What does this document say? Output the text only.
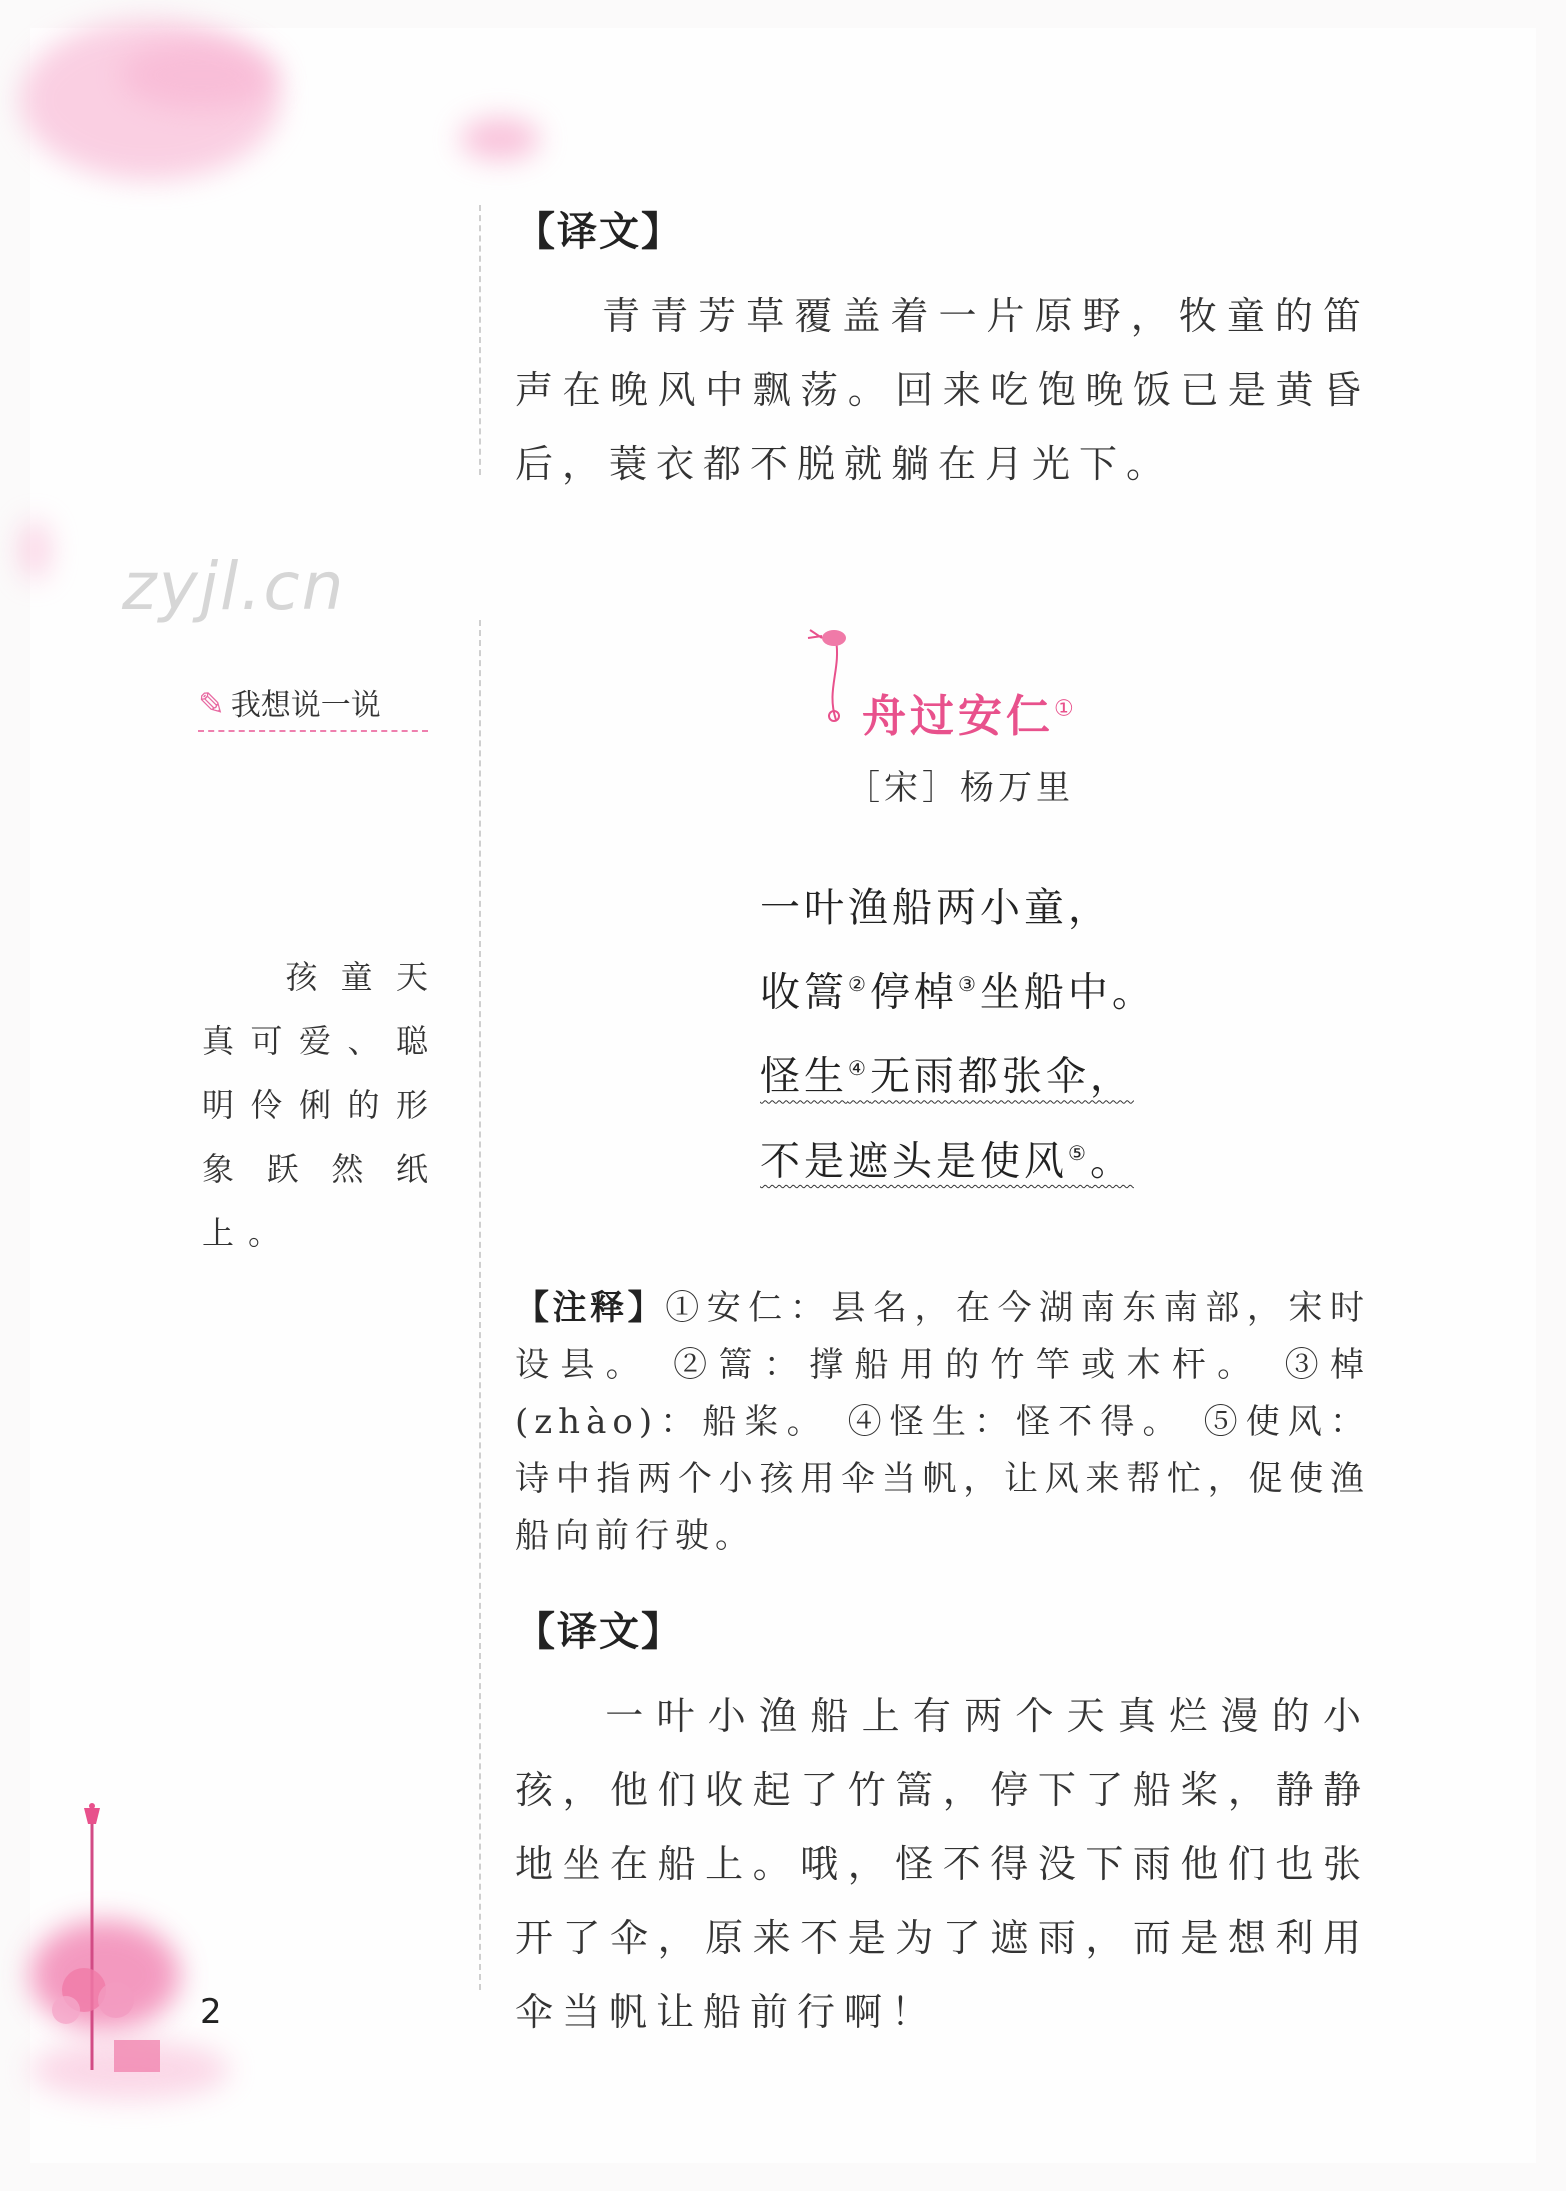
【译文】
青青芳草覆盖着一片原野，牧童的笛声在晚风中飘荡。回来吃饱晚饭已是黄昏后，蓑衣都不脱就躺在月光下。
zyjl.cn
✎ 我想说一说
孩童天真可爱、聪明伶俐的形象跃然纸上。
舟过安仁①
［宋］杨万里
一叶渔船两小童，
收篙②停棹③坐船中。
怪生④无雨都张伞，
不是遮头是使风⑤。
【注释】①安仁：县名，在今湖南东南部，宋时设县。 ②篙：撑船用的竹竿或木杆。 ③棹(zhào)：船桨。 ④怪生：怪不得。 ⑤使风：诗中指两个小孩用伞当帆，让风来帮忙，促使渔船向前行驶。
【译文】
一叶小渔船上有两个天真烂漫的小孩，他们收起了竹篙，停下了船桨，静静地坐在船上。哦，怪不得没下雨他们也张开了伞，原来不是为了遮雨，而是想利用伞当帆让船前行啊！
2
